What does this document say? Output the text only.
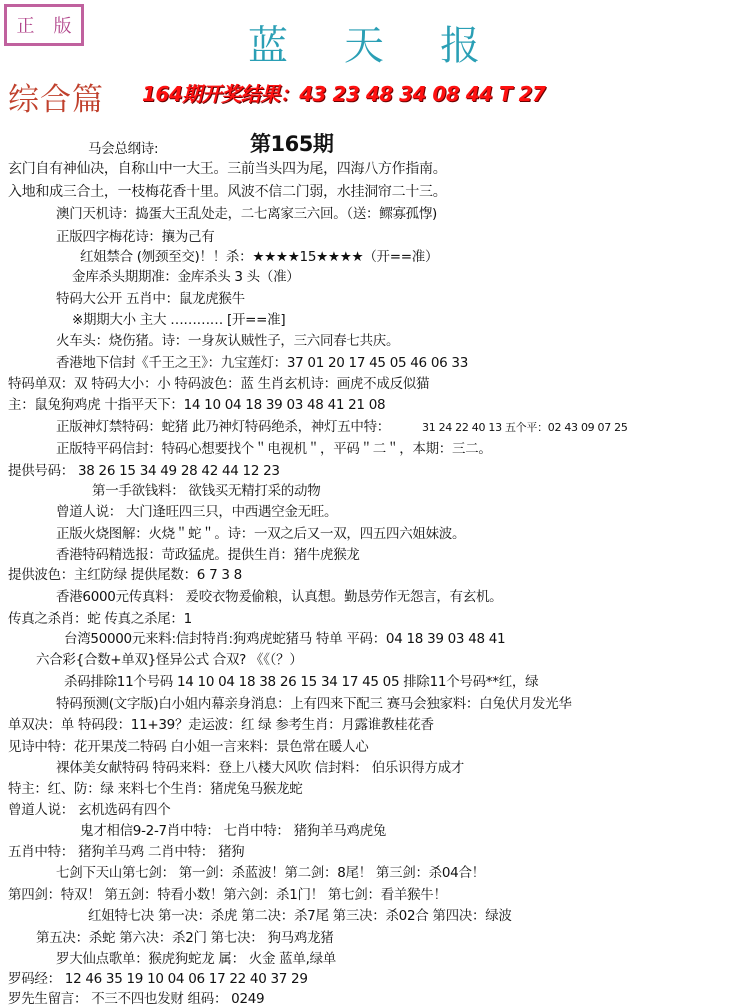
正 版	蓝天报
综合篇 164期开奖结果：43 23 48 34 08 44 T 27
第165期
马会总纲诗:
玄门自有神仙决，自称山中一大王。三前当头四为尾，四海八方作指南。
入地和成三合土，一枝梅花香十里。风波不信二门弱，水挂洞帘二十三。
澳门天机诗：捣蛋大王乱处走，二七离家三六回。（送：鳏寡孤惸)
正版四字梅花诗：攘为己有
红姐禁合 (刎颈至交)！！杀：★★★★15★★★★（开==准）
金库杀头期期准：金库杀头 3 头（准）
特码大公开 五肖中：鼠龙虎猴牛
※期期大小 主大 ………… [开==准]
火车头：烧伤猪。诗：一身灰认贼性子，三六同春七共庆。
香港地下信封《千王之王》：九宝莲灯：37 01 20 17 45 05 46 06 33
特码单双：双 特码大小：小 特码波色：蓝 生肖玄机诗：画虎不成反似猫
主：鼠兔狗鸡虎 十指平天下：14 10 04 18 39 03 48 41 21 08
正版神灯禁特码：蛇猪 此乃神灯特码绝杀，神灯五中特：	31 24 22 40 13 五个平：02 43 09 07 25
正版特平码信封：特码心想要找个＂电视机＂，平码＂二＂，本期：三二。
提供号码： 38 26 15 34 49 28 42 44 12 23
第一手欲钱料： 欲钱买无精打采的动物
曾道人说： 大门逢旺四三只，中西遇空金无旺。
正版火烧图解：火烧＂蛇＂。诗：一双之后又一双，四五四六姐妹波。
香港特码精选报：苛政猛虎。提供生肖：猪牛虎猴龙
提供波色：主红防绿 提供尾数：6 7 3 8
香港6000元传真料： 爰咬衣物爰偷粮，认真想。勤恳劳作无怨言，有玄机。
传真之杀肖：蛇 传真之杀尾：1
台湾50000元来料:信封特肖:狗鸡虎蛇猪马 特单 平码：04 18 39 03 48 41
六合彩{合数+单双}怪异公式 合双? 《《（？）
杀码排除11个号码 14 10 04 18 38 26 15 34 17 45 05 排除11个号码**红，绿
特码预测(文字版)白小姐内幕亲身消息：上有四来下配三 赛马会独家料：白兔伏月发光华
单双决：单 特码段：11+39？走运波：红 绿 参考生肖：月露谁教桂花香
见诗中特：花开果茂二特码 白小姐一言来料：景色常在暖人心
裸体美女献特码 特码来料：登上八楼大风吹 信封料： 伯乐识得方成才
特主：红、防：绿 来料七个生肖：猪虎兔马猴龙蛇
曾道人说： 玄机选码有四个
鬼才相信9-2-7肖中特： 七肖中特： 猪狗羊马鸡虎兔
五肖中特： 猪狗羊马鸡 二肖中特： 猪狗
七剑下天山第七剑： 第一剑：杀蓝波！第二剑：8尾！ 第三剑：杀04合！
第四剑：特双！ 第五剑：特看小数！第六剑：杀1门！ 第七剑：看羊猴牛！
红姐特七决 第一决：杀虎 第二决：杀7尾 第三决：杀02合 第四决：绿波
第五决：杀蛇 第六决：杀2门 第七决： 狗马鸡龙猪
罗大仙点歌单：猴虎狗蛇龙 属： 火金 蓝单,绿单
罗码经： 12 46 35 19 10 04 06 17 22 40 37 29
罗先生留言： 不三不四也发财 组码： 0249
